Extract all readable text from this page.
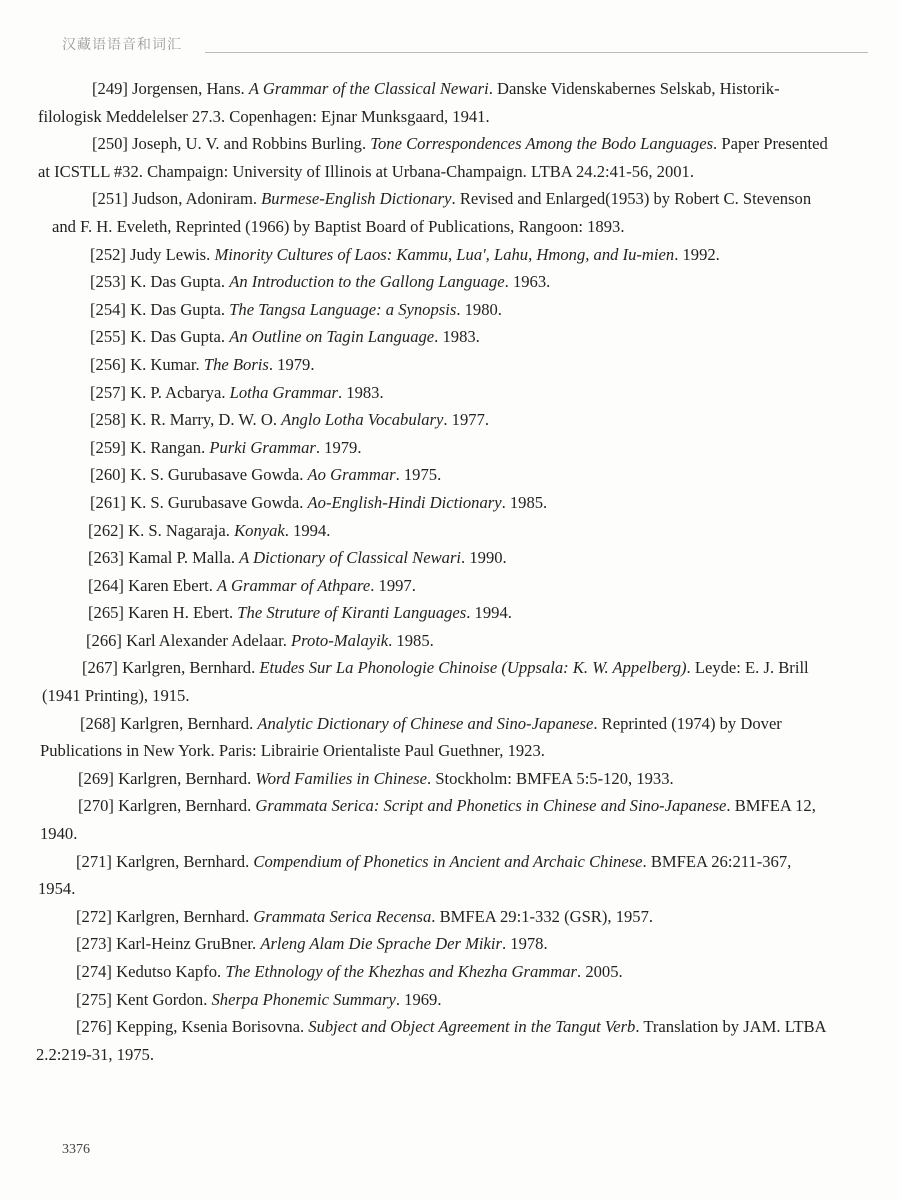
汉藏语语音和词汇

[249] Jorgensen, Hans. A Grammar of the Classical Newari. Danske Videnskabernes Selskab, Historik-filologisk Meddelelser 27.3. Copenhagen: Ejnar Munksgaard, 1941.

[250] Joseph, U. V. and Robbins Burling. Tone Correspondences Among the Bodo Languages. Paper Presented at ICSTLL #32. Champaign: University of Illinois at Urbana-Champaign. LTBA 24.2:41-56, 2001.

[251] Judson, Adoniram. Burmese-English Dictionary. Revised and Enlarged(1953) by Robert C. Stevenson and F. H. Eveleth, Reprinted (1966) by Baptist Board of Publications, Rangoon: 1893.

[252] Judy Lewis. Minority Cultures of Laos: Kammu, Lua', Lahu, Hmong, and Iu-mien. 1992.

[253] K. Das Gupta. An Introduction to the Gallong Language. 1963.

[254] K. Das Gupta. The Tangsa Language: a Synopsis. 1980.

[255] K. Das Gupta. An Outline on Tagin Language. 1983.

[256] K. Kumar. The Boris. 1979.

[257] K. P. Acbarya. Lotha Grammar. 1983.

[258] K. R. Marry, D. W. O. Anglo Lotha Vocabulary. 1977.

[259] K. Rangan. Purki Grammar. 1979.

[260] K. S. Gurubasave Gowda. Ao Grammar. 1975.

[261] K. S. Gurubasave Gowda. Ao-English-Hindi Dictionary. 1985.

[262] K. S. Nagaraja. Konyak. 1994.

[263] Kamal P. Malla. A Dictionary of Classical Newari. 1990.

[264] Karen Ebert. A Grammar of Athpare. 1997.

[265] Karen H. Ebert. The Struture of Kiranti Languages. 1994.

[266] Karl Alexander Adelaar. Proto-Malayik. 1985.

[267] Karlgren, Bernhard. Etudes Sur La Phonologie Chinoise (Uppsala: K. W. Appelberg). Leyde: E. J. Brill (1941 Printing), 1915.

[268] Karlgren, Bernhard. Analytic Dictionary of Chinese and Sino-Japanese. Reprinted (1974) by Dover Publications in New York. Paris: Librairie Orientaliste Paul Guethner, 1923.

[269] Karlgren, Bernhard. Word Families in Chinese. Stockholm: BMFEA 5:5-120, 1933.

[270] Karlgren, Bernhard. Grammata Serica: Script and Phonetics in Chinese and Sino-Japanese. BMFEA 12, 1940.

[271] Karlgren, Bernhard. Compendium of Phonetics in Ancient and Archaic Chinese. BMFEA 26:211-367, 1954.

[272] Karlgren, Bernhard. Grammata Serica Recensa. BMFEA 29:1-332 (GSR), 1957.

[273] Karl-Heinz GruBner. Arleng Alam Die Sprache Der Mikir. 1978.

[274] Kedutso Kapfo. The Ethnology of the Khezhas and Khezha Grammar. 2005.

[275] Kent Gordon. Sherpa Phonemic Summary. 1969.

[276] Kepping, Ksenia Borisovna. Subject and Object Agreement in the Tangut Verb. Translation by JAM. LTBA 2.2:219-31, 1975.

3376
